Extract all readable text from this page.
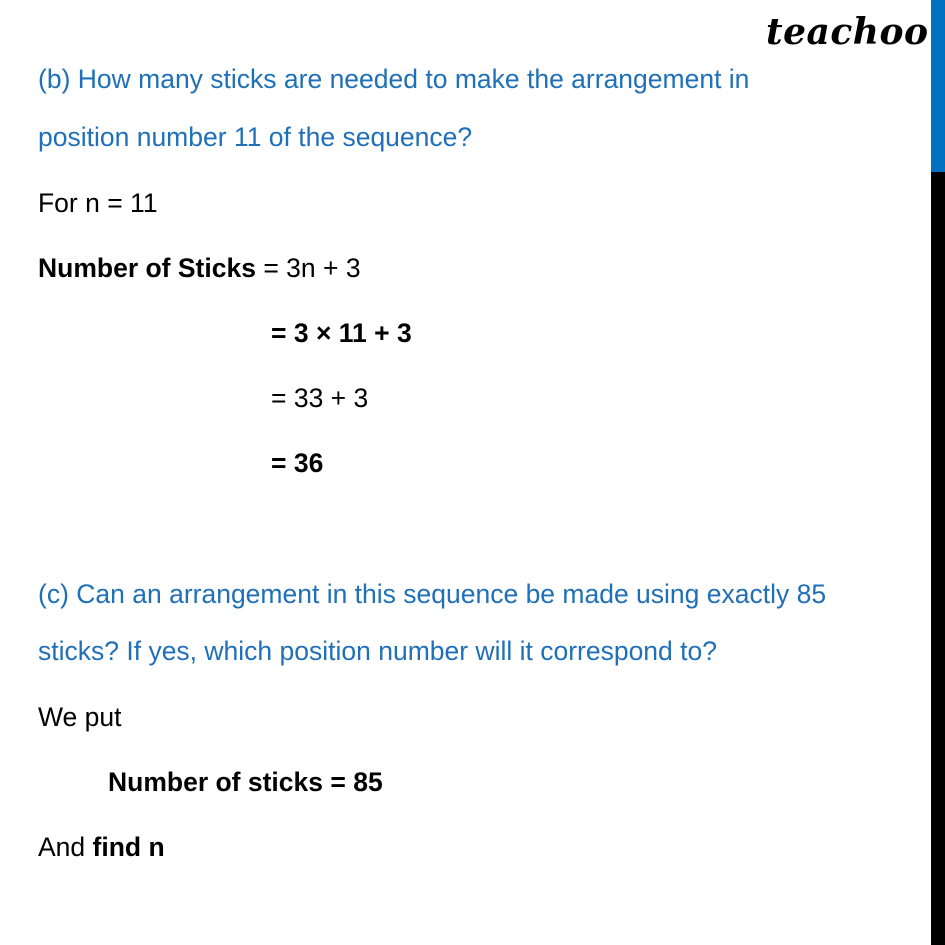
teachoo
(b) How many sticks are needed to make the arrangement in
position number 11 of the sequence?
For n = 11
Number of Sticks = 3n + 3
= 3 × 11 + 3
= 33 + 3
= 36
(c) Can an arrangement in this sequence be made using exactly 85
sticks? If yes, which position number will it correspond to?
We put
Number of sticks = 85
And find n
